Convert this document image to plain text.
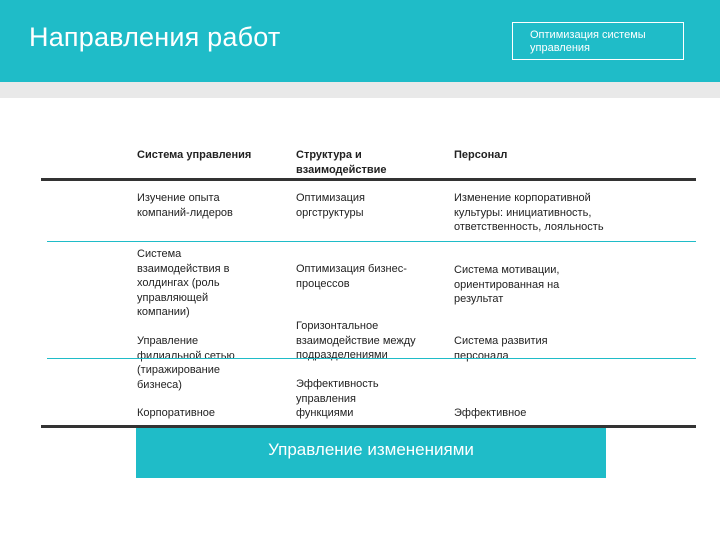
Направления работ	Оптимизация системы управления
Система управления	Структура и взаимодействие
Персонал
Изучение опыта компаний-лидеров
Система взаимодействия в холдингах (роль управляющей компании)
Управление филиальной сетью (тиражирование бизнеса)
Корпоративное
Оптимизация оргструктуры
Оптимизация бизнес-процессов
Горизонтальное взаимодействие между подразделениями
Эффективность управления функциями
Изменение корпоративной культуры: инициативность, ответственность, лояльность
Система мотивации, ориентированная на результат
Система развития персонала
Эффективное
Управление изменениями
